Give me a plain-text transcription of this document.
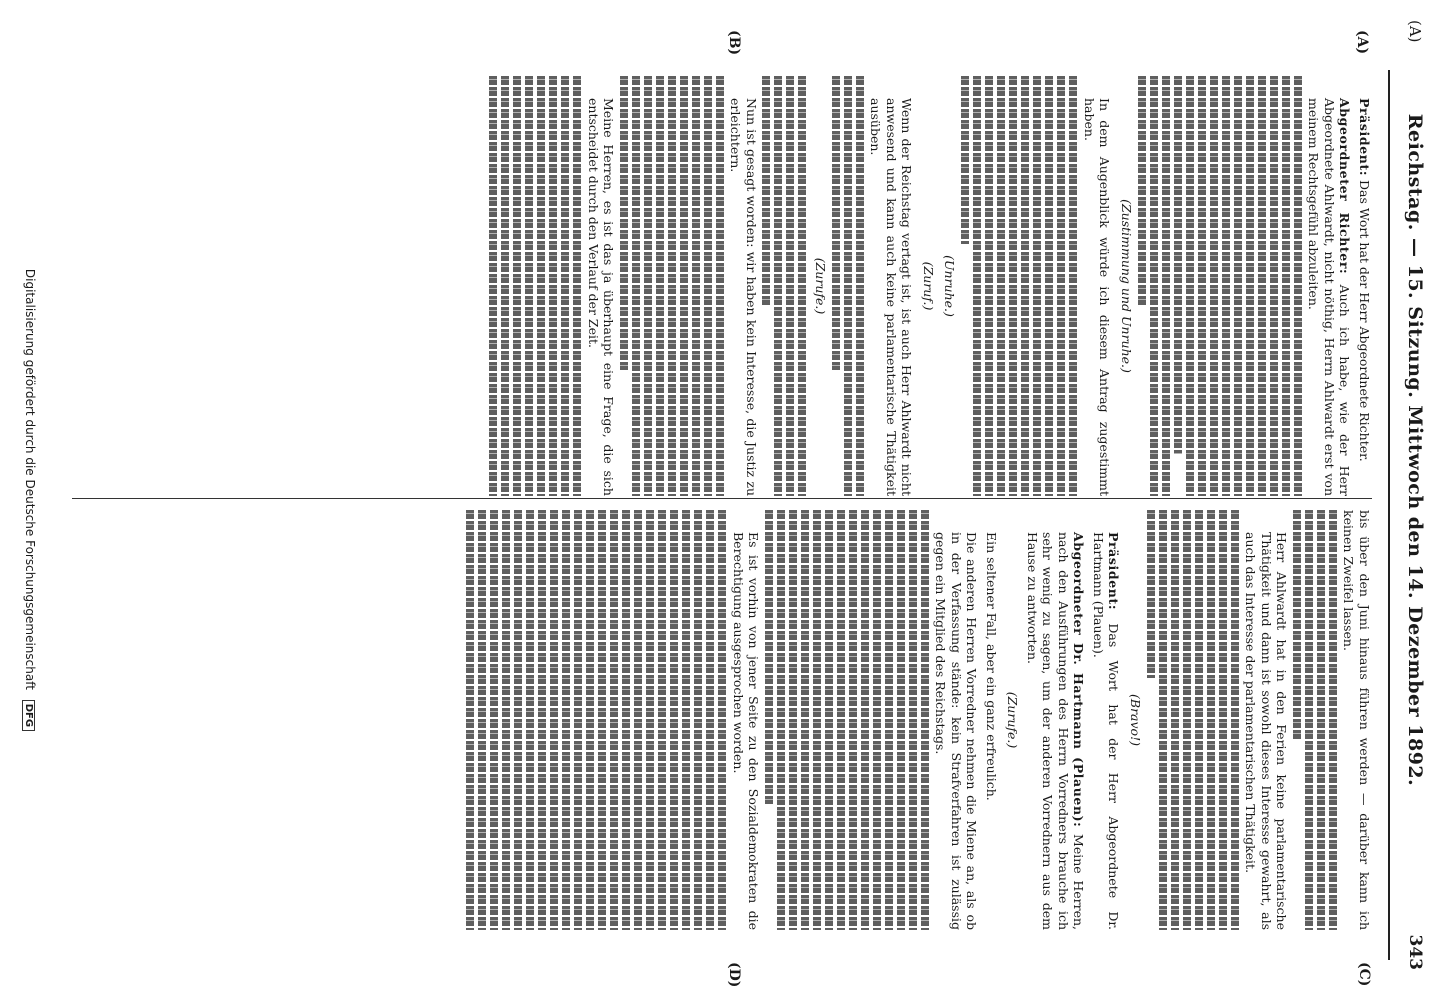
(A)
Reichstag. — 15. Sitzung. Mittwoch den 14. Dezember 1892.
343
(A)
(B)
(C)
(D)

Präsident: Das Wort hat der Herr Abgeordnete Richter.

Abgeordneter Richter: Auch ich habe, wie der Herr Abgeordnete Ahlwardt, nicht nöthig, Herrn Ahlwardt erst von meinem Rechtsgefühl abzuleiten.

(Zustimmung und Unruhe.)

In dem Augenblick würde ich diesem Antrag zugestimmt haben.

(Unruhe.)
(Zuruf.)

Wenn der Reichstag vertagt ist, ist auch Herr Ahlwardt nicht anwesend und kann auch keine parlamentarische Thätigkeit ausüben.

(Zurufe.)

Nun ist gesagt worden: wir haben kein Interesse, die Justiz zu erleichtern.

Meine Herren, es ist das ja überhaupt eine Frage, die sich entscheidet durch den Verlauf der Zeit.

bis über den Juni hinaus führen werden — darüber kann ich keinen Zweifel lassen.

Herr Ahlwardt hat in den Ferien keine parlamentarische Thätigkeit und dann ist sowohl dieses Interesse gewahrt, als auch das Interesse der parlamentarischen Thätigkeit.

(Bravo!)

Präsident: Das Wort hat der Herr Abgeordnete Dr. Hartmann (Plauen).

Abgeordneter Dr. Hartmann (Plauen): Meine Herren, nach den Ausführungen des Herrn Vorredners brauche ich sehr wenig zu sagen, um der anderen Vorrednern aus dem Hause zu antworten.

(Zurufe.)

Ein seltener Fall, aber ein ganz erfreulich.

Die anderen Herren Vorredner nehmen die Miene an, als ob in der Verfassung stände: kein Strafverfahren ist zulässig gegen ein Mitglied des Reichstags.

Es ist vorhin von jener Seite zu den Sozialdemokraten die Berechtigung ausgesprochen worden.

Digitalisierung gefördert durch die Deutsche Forschungsgemeinschaft DFG
